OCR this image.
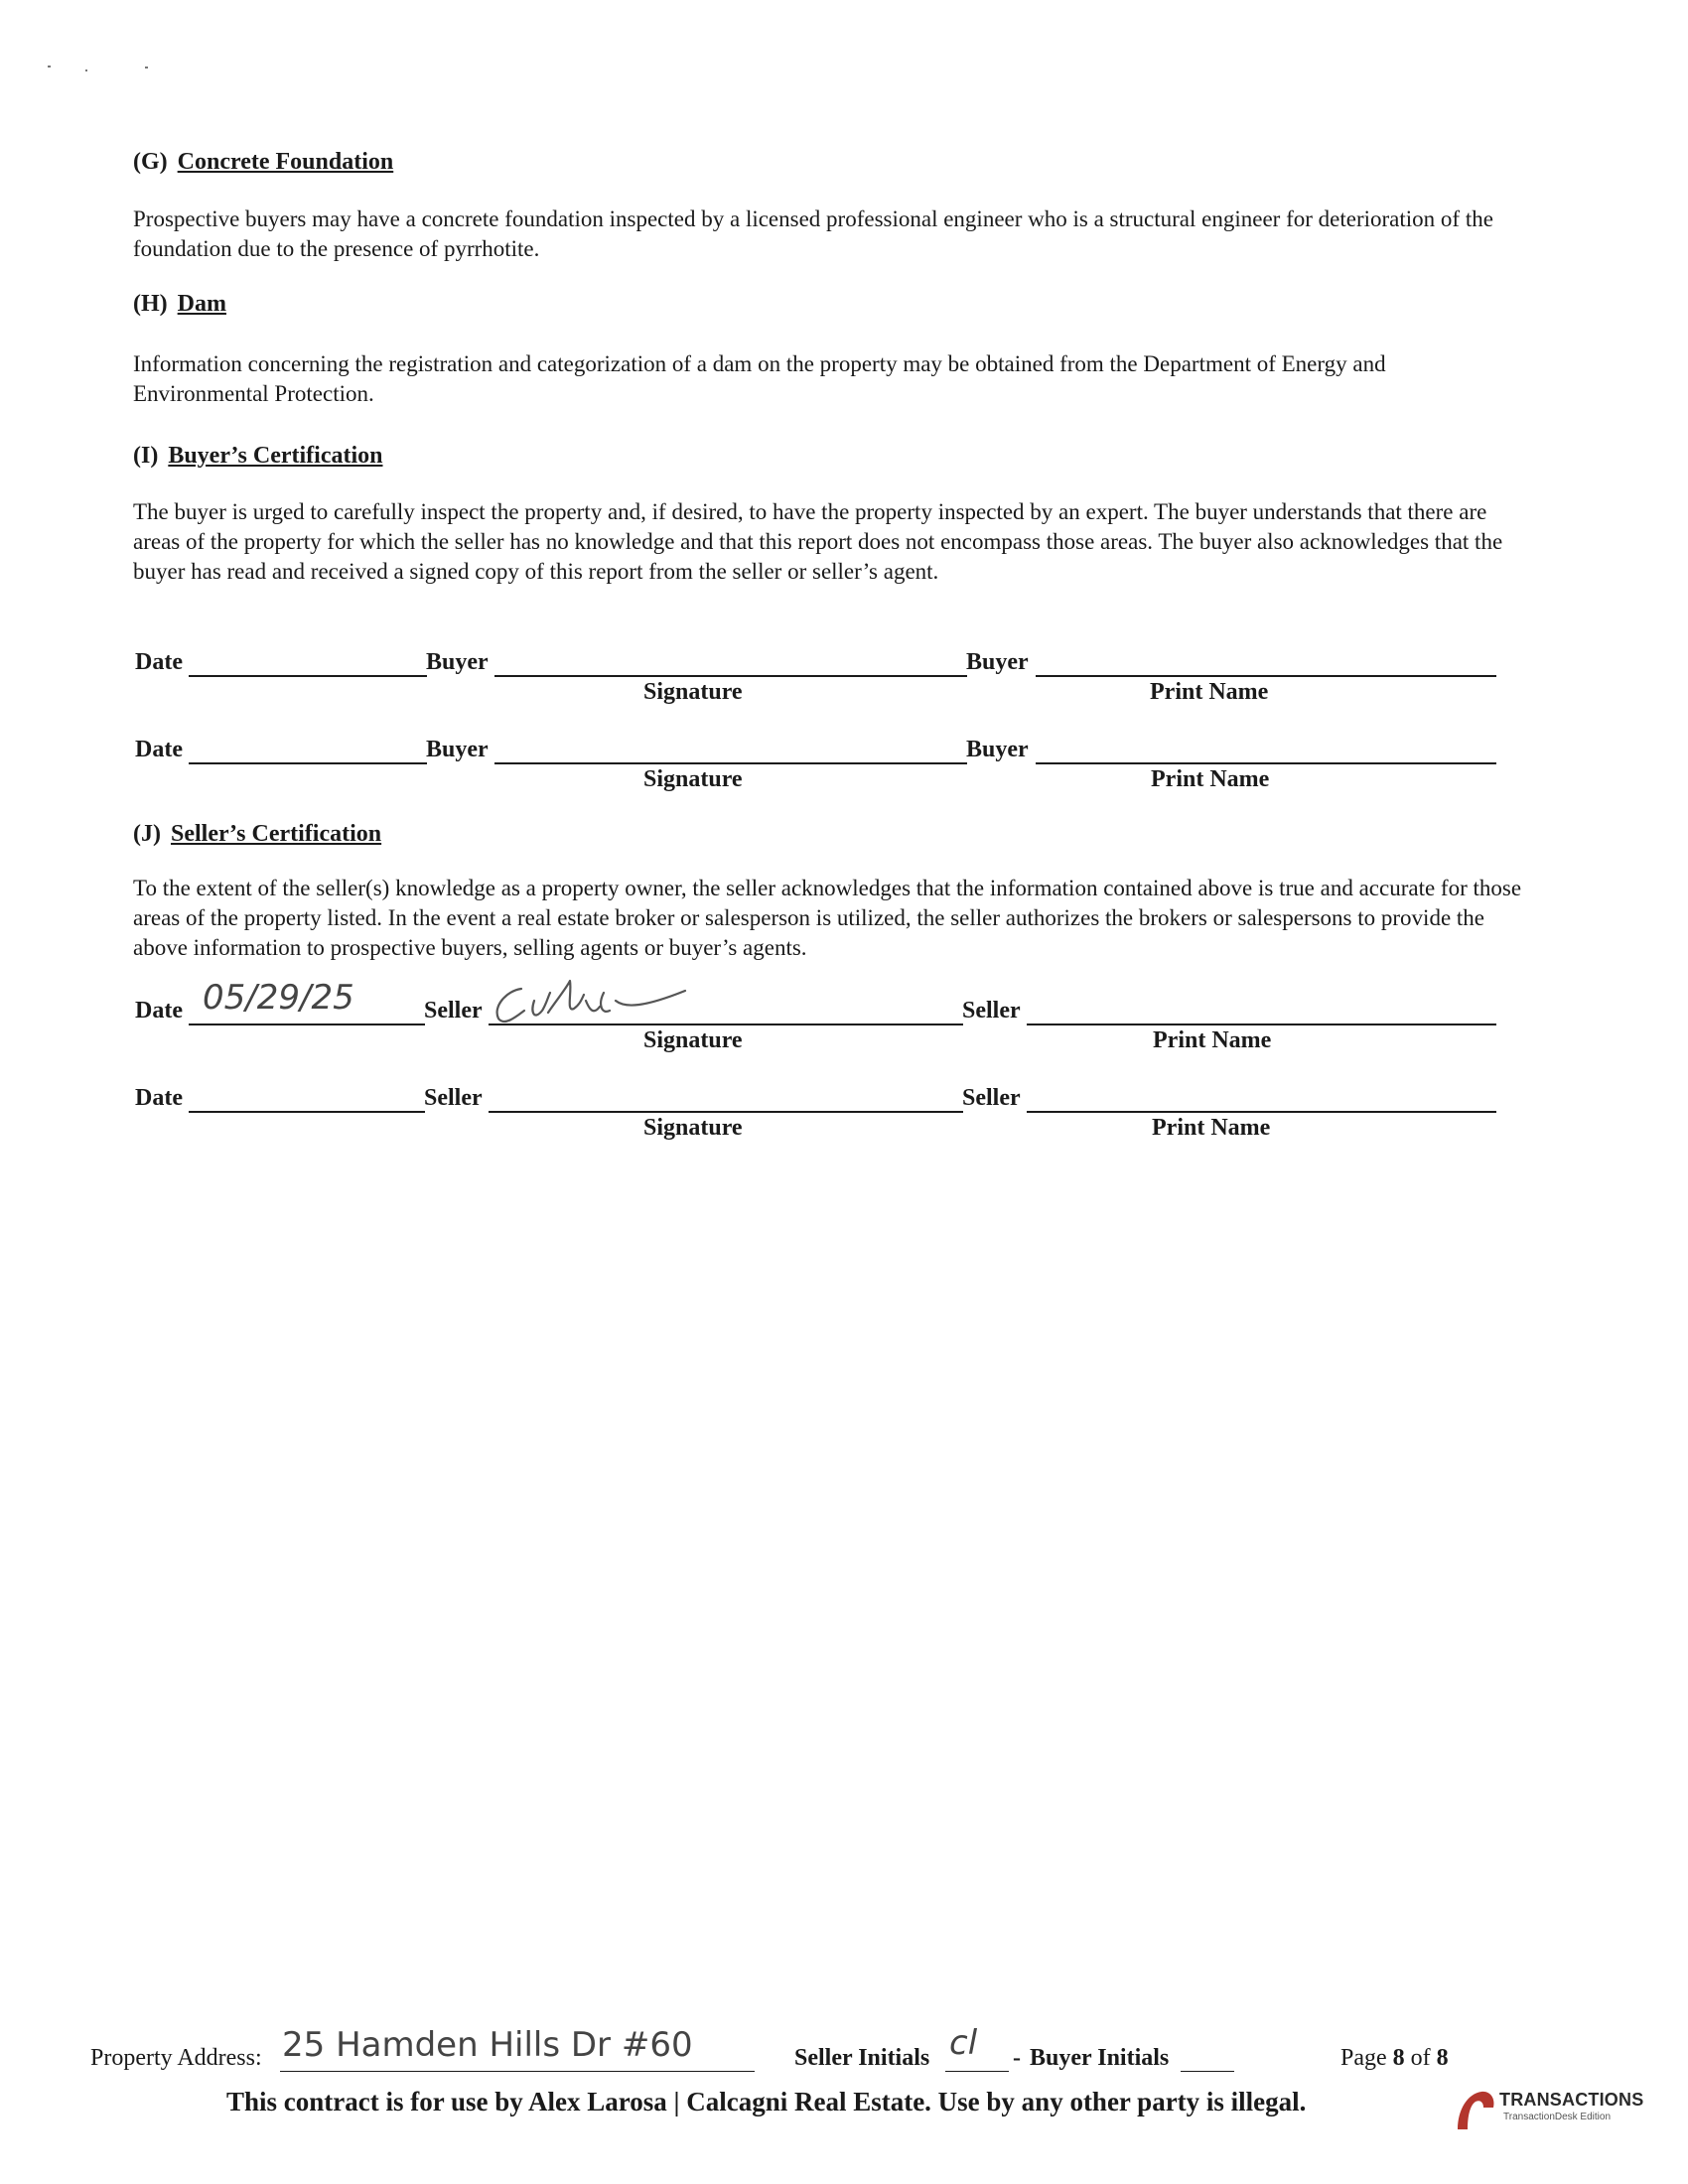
(G) Concrete Foundation
Prospective buyers may have a concrete foundation inspected by a licensed professional engineer who is a structural engineer for deterioration of the foundation due to the presence of pyrrhotite.
(H) Dam
Information concerning the registration and categorization of a dam on the property may be obtained from the Department of Energy and Environmental Protection.
(I) Buyer’s Certification
The buyer is urged to carefully inspect the property and, if desired, to have the property inspected by an expert. The buyer understands that there are areas of the property for which the seller has no knowledge and that this report does not encompass those areas. The buyer also acknowledges that the buyer has read and received a signed copy of this report from the seller or seller’s agent.
Date	Buyer	Buyer
Signature	Print Name
Date	Buyer	Buyer
Signature	Print Name
(J) Seller’s Certification
To the extent of the seller(s) knowledge as a property owner, the seller acknowledges that the information contained above is true and accurate for those areas of the property listed. In the event a real estate broker or salesperson is utilized, the seller authorizes the brokers or salespersons to provide the above information to prospective buyers, selling agents or buyer’s agents.
Date 05/29/25	Seller	Seller
Signature	Print Name
Date	Seller	Seller
Signature	Print Name
Property Address: 25 Hamden Hills Dr #60	Seller Initials cl - Buyer Initials	Page 8 of 8
This contract is for use by Alex Larosa | Calcagni Real Estate. Use by any other party is illegal.	TRANSACTIONS
TransactionDesk Edition
